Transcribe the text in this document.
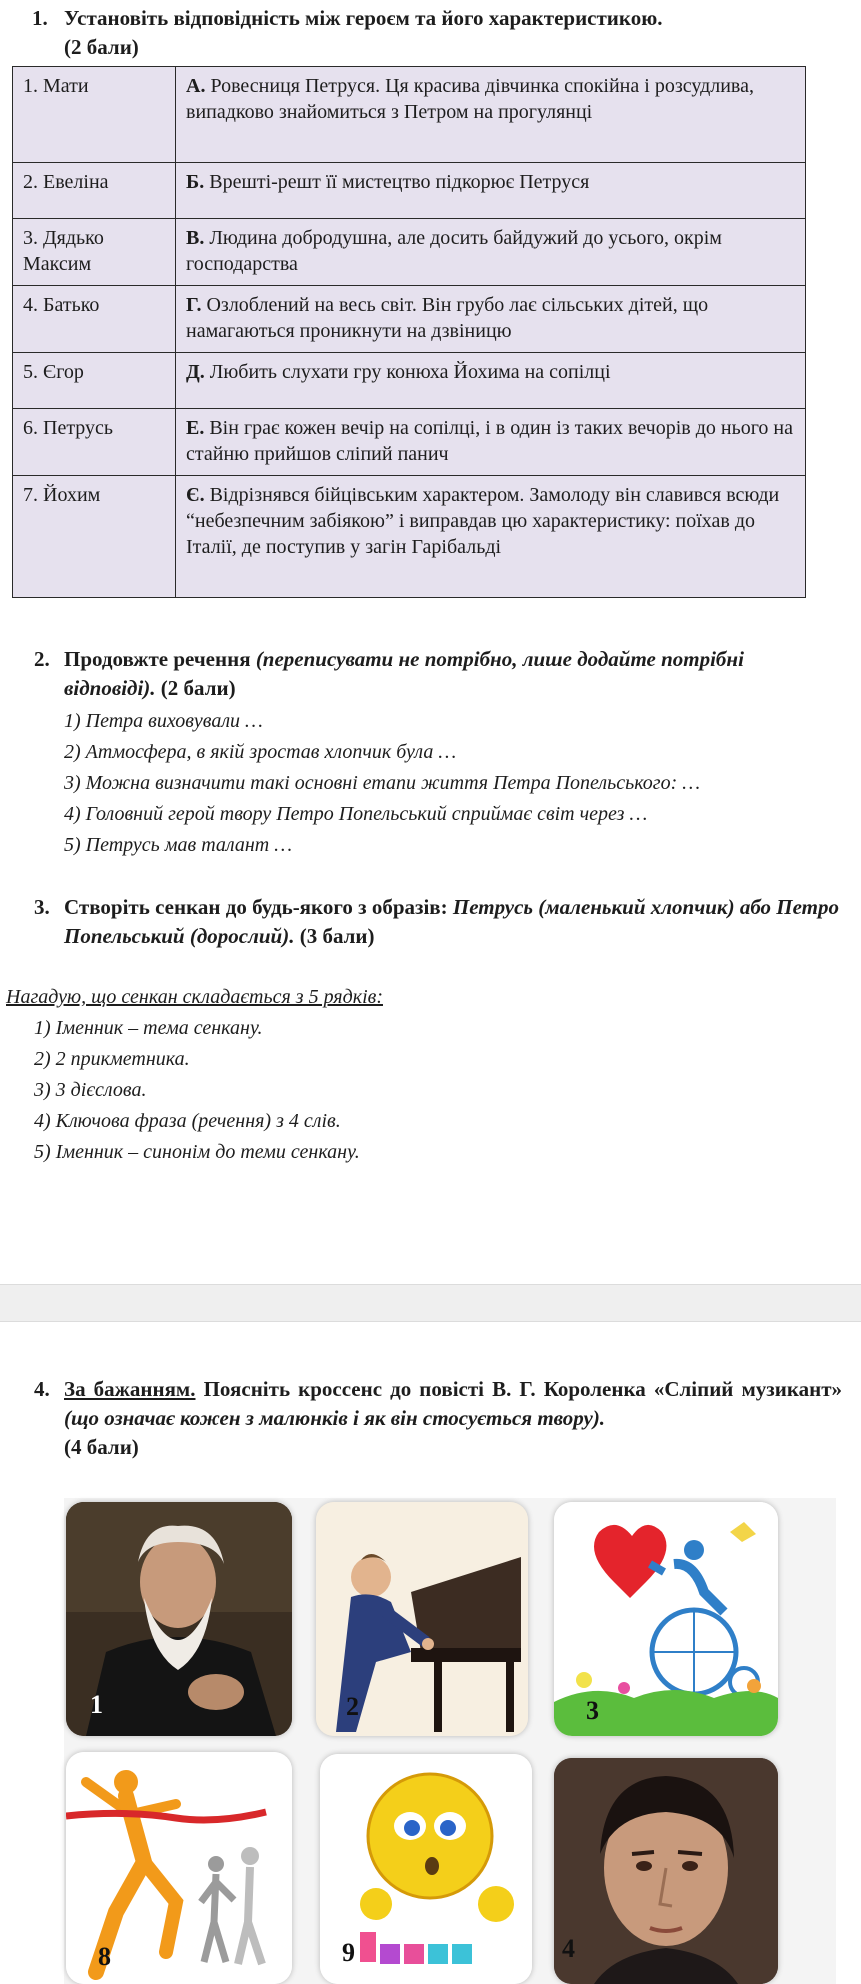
1. Установіть відповідність між героєм та його характеристикою.
(2 бали)
1. Мати	А. Ровесниця Петруся. Ця красива дівчинка спокійна і розсудлива, випадково знайомиться з Петром на прогулянці
2. Евеліна	Б. Врешті-решт її мистецтво підкорює Петруся
3. Дядько Максим	В. Людина добродушна, але досить байдужий до усього, окрім господарства
4. Батько	Г. Озлоблений на весь світ. Він грубо лає сільських дітей, що намагаються проникнути на дзвіницю
5. Єгор	Д. Любить слухати гру конюха Йохима на сопілці
6. Петрусь	Е. Він грає кожен вечір на сопілці, і в один із таких вечорів до нього на стайню прийшов сліпий панич
7. Йохим	Є. Відрізнявся бійцівським характером. Замолоду він славився всюди “небезпечним забіякою” і виправдав цю характеристику: поїхав до Італії, де поступив у загін Гарібальді
2. Продовжте речення (переписувати не потрібно, лише додайте потрібні відповіді). (2 бали)
1) Петра виховували …
2) Атмосфера, в якій зростав хлопчик була …
3) Можна визначити такі основні етапи життя Петра Попельського: …
4) Головний герой твору Петро Попельський сприймає світ через …
5) Петрусь мав талант …
3. Створіть сенкан до будь-якого з образів: Петрусь (маленький хлопчик) або Петро Попельський (дорослий). (3 бали)
Нагадую, що сенкан складається з 5 рядків:
1) Іменник – тема сенкану.
2) 2 прикметника.
3) 3 дієслова.
4) Ключова фраза (речення) з 4 слів.
5) Іменник – синонім до теми сенкану.
4. За бажанням. Поясніть кроссенс до повісті В. Г. Короленка «Сліпий музикант» (що означає кожен з малюнків і як він стосується твору).
(4 бали)
1	2	3
8	9	4
